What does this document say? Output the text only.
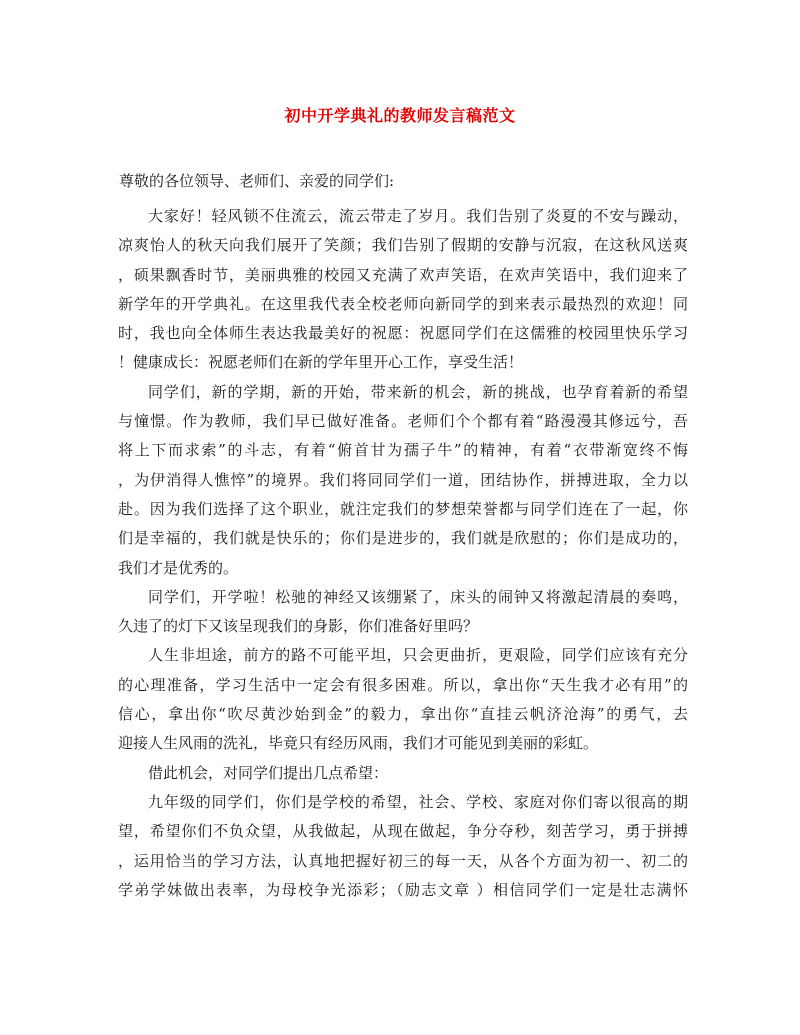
初中开学典礼的教师发言稿范文
尊敬的各位领导、老师们、亲爱的同学们:
大家好！轻风锁不住流云，流云带走了岁月。我们告别了炎夏的不安与躁动，
凉爽怡人的秋天向我们展开了笑颜；我们告别了假期的安静与沉寂，在这秋风送爽
，硕果飘香时节，美丽典雅的校园又充满了欢声笑语，在欢声笑语中，我们迎来了
新学年的开学典礼。在这里我代表全校老师向新同学的到来表示最热烈的欢迎！同
时，我也向全体师生表达我最美好的祝愿：祝愿同学们在这儒雅的校园里快乐学习
！健康成长：祝愿老师们在新的学年里开心工作，享受生活！
同学们，新的学期，新的开始，带来新的机会，新的挑战，也孕育着新的希望
与憧憬。作为教师，我们早已做好准备。老师们个个都有着“路漫漫其修远兮，吾
将上下而求索”的斗志，有着“俯首甘为孺子牛”的精神，有着“衣带渐宽终不悔
，为伊消得人憔悴”的境界。我们将同同学们一道，团结协作，拼搏进取，全力以
赴。因为我们选择了这个职业，就注定我们的梦想荣誉都与同学们连在了一起，你
们是幸福的，我们就是快乐的；你们是进步的，我们就是欣慰的；你们是成功的，
我们才是优秀的。
同学们，开学啦！松驰的神经又该绷紧了，床头的闹钟又将激起清晨的奏鸣，
久违了的灯下又该呈现我们的身影，你们准备好里吗？
人生非坦途，前方的路不可能平坦，只会更曲折，更艰险，同学们应该有充分
的心理准备，学习生活中一定会有很多困难。所以，拿出你“天生我才必有用”的
信心，拿出你“吹尽黄沙始到金”的毅力，拿出你“直挂云帆济沧海”的勇气，去
迎接人生风雨的洗礼，毕竟只有经历风雨，我们才可能见到美丽的彩虹。
借此机会，对同学们提出几点希望：
九年级的同学们，你们是学校的希望，社会、学校、家庭对你们寄以很高的期
望，希望你们不负众望，从我做起，从现在做起，争分夺秒，刻苦学习，勇于拼搏
，运用恰当的学习方法，认真地把握好初三的每一天，从各个方面为初一、初二的
学弟学妹做出表率，为母校争光添彩；（励志文章 ）相信同学们一定是壮志满怀
